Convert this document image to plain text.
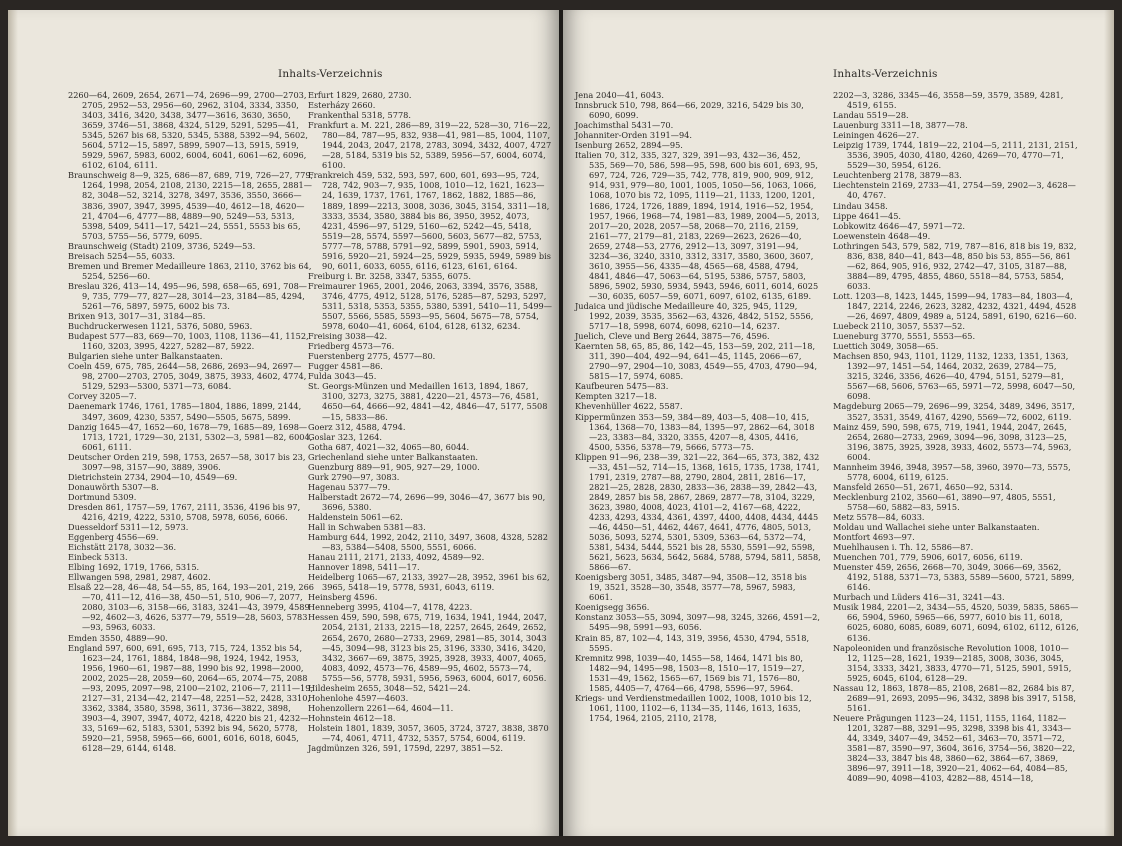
Inhalts-Verzeichnis

2260—64, 2609, 2654, 2671—74, 2696—99, 2700—2703, 2705, 2952—53, 2956—60, 2962, 3104, 3334, 3350, 3403, 3416, 3420, 3438, 3477—3616, 3630, 3650, 3659, 3746—51, 3868, 4324, 5129, 5291, 5295—41, 5345, 5267 bis 68, 5320, 5345, 5388, 5392—94, 5602, 5604, 5712—15, 5897, 5899, 5907—13, 5915, 5919, 5929, 5967, 5983, 6002, 6004, 6041, 6061—62, 6096, 6102, 6104, 6111.

Braunschweig 8—9, 325, 686—87, 689, 719, 726—27, 779, 1264, 1998, 2054, 2108, 2130, 2215—18, 2655, 2881—82, 3048—52, 3214, 3278, 3497, 3536, 3550, 3666—3836, 3907, 3947, 3995, 4539—40, 4612—18, 4620—21, 4704—6, 4777—88, 4889—90, 5249—53, 5313, 5398, 5409, 5411—17, 5421—24, 5551, 5553 bis 65, 5703, 5755—56, 5779, 6095.

Braunschweig (Stadt) 2109, 3736, 5249—53.

Breisach 5254—55, 6033.

Bremen und Bremer Medailleure 1863, 2110, 3762 bis 64, 5254, 5256—60.

Breslau 326, 413—14, 495—96, 598, 658—65, 691, 708—9, 735, 779—77, 827—28, 3014—23, 3184—85, 4294, 5261—76, 5897, 5975, 6002 bis 73.

Brixen 913, 3017—31, 3184—85.

Buchdruckerwesen 1121, 5376, 5080, 5963.

Budapest 577—83, 669—70, 1003, 1108, 1136—41, 1152, 1160, 3203, 3995, 4227, 5282—87, 5922.

Bulgarien siehe unter Balkanstaaten.

Coeln 459, 675, 785, 2644—58, 2686, 2693—94, 2697—98, 2700—2703, 2705, 3049, 3875, 3933, 4602, 4774, 5129, 5293—5300, 5371—73, 6084.

Corvey 3205—7.

Daenemark 1746, 1761, 1785—1804, 1886, 1899, 2144, 3497, 3609, 4230, 5357, 5490—5505, 5675, 5899.

Danzig 1645—47, 1652—60, 1678—79, 1685—89, 1698—1713, 1721, 1729—30, 2131, 5302—3, 5981—82, 6004, 6061, 6111.

Deutscher Orden 219, 598, 1753, 2657—58, 3017 bis 23, 3097—98, 3157—90, 3889, 3906.

Dietrichstein 2734, 2904—10, 4549—69.

Donauwörth 5307—8.

Dortmund 5309.

Dresden 861, 1757—59, 1767, 2111, 3536, 4196 bis 97, 4216, 4219, 4222, 5310, 5708, 5978, 6056, 6066.

Duesseldorf 5311—12, 5973.

Eggenberg 4556—69.

Eichstätt 2178, 3032—36.

Einbeck 5313.

Elbing 1692, 1719, 1766, 5315.

Ellwangen 598, 2981, 2987, 4602.

Elsaß 22—28, 46—48, 54—55, 85, 164, 193—201, 219, 266—70, 411—12, 416—38, 450—51, 510, 906—7, 2077, 2080, 3103—6, 3158—66, 3183, 3241—43, 3979, 4589—92, 4602—3, 4626, 5377—79, 5519—28, 5603, 5783—93, 5963, 6033.

Emden 3550, 4889—90.

England 597, 600, 691, 695, 713, 715, 724, 1352 bis 54, 1623—24, 1761, 1884, 1848—98, 1924, 1942, 1953, 1956, 1960—61, 1987—88, 1990 bis 92, 1998—2000, 2002, 2025—28, 2059—60, 2064—65, 2074—75, 2088—93, 2095, 2097—98, 2100—2102, 2106—7, 2111—19, 2127—31, 2134—42, 2147—48, 2251—52, 2428, 3310, 3362, 3384, 3580, 3598, 3611, 3736—3822, 3898, 3903—4, 3907, 3947, 4072, 4218, 4220 bis 21, 4232—33, 5169—62, 5183, 5301, 5392 bis 94, 5620, 5778, 5920—21, 5958, 5965—66, 6001, 6016, 6018, 6045, 6128—29, 6144, 6148.

Erfurt 1829, 2680, 2730.

Esterházy 2660.

Frankenthal 5318, 5778.

Frankfurt a. M. 221, 286—89, 319—22, 528—30, 716—22, 780—84, 787—95, 832, 938—41, 981—85, 1004, 1107, 1944, 2043, 2047, 2178, 2783, 3094, 3432, 4007, 4727—28, 5184, 5319 bis 52, 5389, 5956—57, 6004, 6074, 6100.

Frankreich 459, 532, 593, 597, 600, 601, 693—95, 724, 728, 742, 903—7, 935, 1008, 1010—12, 1621, 1623—24, 1639, 1737, 1761, 1767, 1862, 1882, 1885—86, 1889, 1899—2213, 3008, 3036, 3045, 3154, 3311—18, 3333, 3534, 3580, 3884 bis 86, 3950, 3952, 4073, 4231, 4596—97, 5129, 5160—62, 5242—45, 5418, 5519—28, 5574, 5597—5600, 5603, 5677—82, 5753, 5777—78, 5788, 5791—92, 5899, 5901, 5903, 5914, 5916, 5920—21, 5924—25, 5929, 5935, 5949, 5989 bis 90, 6011, 6033, 6055, 6116, 6123, 6161, 6164.

Freiburg i. Br. 3258, 3347, 5355, 6075.

Freimaurer 1965, 2001, 2046, 2063, 3394, 3576, 3588, 3746, 4775, 4912, 5128, 5176, 5285—87, 5293, 5297, 5311, 5318, 5353, 5355, 5380, 5391, 5410—11, 5499—5507, 5566, 5585, 5593—95, 5604, 5675—78, 5754, 5978, 6040—41, 6064, 6104, 6128, 6132, 6234.

Freising 3038—42.

Friedberg 4573—76.

Fuerstenberg 2775, 4577—80.

Fugger 4581—86.

Fulda 3043—45.

St. Georgs-Münzen und Medaillen 1613, 1894, 1867, 3100, 3273, 3275, 3881, 4220—21, 4573—76, 4581, 4650—64, 4666—92, 4841—42, 4846—47, 5177, 5508—15, 5833—86.

Goerz 312, 4588, 4794.

Goslar 323, 1264.

Gotha 687, 4021—32, 4065—80, 6044.

Griechenland siehe unter Balkanstaaten.

Guenzburg 889—91, 905, 927—29, 1000.

Gurk 2790—97, 3083.

Hagenau 5377—79.

Halberstadt 2672—74, 2696—99, 3046—47, 3677 bis 90, 3696, 5380.

Haldenstein 5061—62.

Hall in Schwaben 5381—83.

Hamburg 644, 1992, 2042, 2110, 3497, 3608, 4328, 5282—83, 5384—5408, 5500, 5551, 6066.

Hanau 2111, 2171, 2133, 4092, 4589—92.

Hannover 1898, 5411—17.

Heidelberg 1065—67, 2133, 3927—28, 3952, 3961 bis 62, 3965, 5418—19, 5778, 5931, 6043, 6119.

Heinsberg 4596.

Henneberg 3995, 4104—7, 4178, 4223.

Hessen 459, 590, 598, 675, 719, 1634, 1941, 1944, 2047, 2054, 2131, 2133, 2215—18, 2257, 2645, 2649, 2652, 2654, 2670, 2680—2733, 2969, 2981—85, 3014, 3043—45, 3094—98, 3123 bis 25, 3196, 3330, 3416, 3420, 3432, 3667—69, 3875, 3925, 3928, 3933, 4007, 4065, 4083, 4092, 4573—76, 4589—95, 4602, 5573—74, 5755—56, 5778, 5931, 5956, 5963, 6004, 6017, 6056.

Hildesheim 2655, 3048—52, 5421—24.

Hohenlohe 4597—4603.

Hohenzollern 2261—64, 4604—11.

Hohnstein 4612—18.

Holstein 1801, 1839, 3057, 3605, 3724, 3727, 3838, 3870—74, 4061, 4711, 4732, 5357, 5754, 6004, 6119.

Jagdmünzen 326, 591, 1759d, 2297, 3851—52.

Inhalts-Verzeichnis

Jena 2040—41, 6043.

Innsbruck 510, 798, 864—66, 2029, 3216, 5429 bis 30, 6090, 6099.

Joachimsthal 5431—70.

Johanniter-Orden 3191—94.

Isenburg 2652, 2894—95.

Italien 70, 312, 335, 327, 329, 391—93, 432—36, 452, 535, 569—70, 586, 598—95, 598, 600 bis 601, 693, 95, 697, 724, 726, 729—35, 742, 778, 819, 900, 909, 912, 914, 931, 979—80, 1001, 1005, 1050—56, 1063, 1066, 1068, 1070 bis 72, 1095, 1119—21, 1133, 1200, 1201, 1686, 1724, 1726, 1889, 1894, 1914, 1916—52, 1954, 1957, 1966, 1968—74, 1981—83, 1989, 2004—5, 2013, 2017—20, 2028, 2057—58, 2068—70, 2116, 2159, 2161—77, 2179—81, 2183, 2269—2623, 2626—40, 2659, 2748—53, 2776, 2912—13, 3097, 3191—94, 3234—36, 3240, 3310, 3312, 3317, 3580, 3600, 3607, 3610, 3955—56, 4335—48, 4565—68, 4588, 4794, 4841, 4846—47, 5063—64, 5195, 5386, 5757, 5803, 5896, 5902, 5930, 5934, 5943, 5946, 6011, 6014, 6025—30, 6035, 6057—59, 6071, 6097, 6102, 6135, 6189.

Judaica und jüdische Medailleure 40, 325, 945, 1129, 1992, 2039, 3535, 3562—63, 4326, 4842, 5152, 5556, 5717—18, 5998, 6074, 6098, 6210—14, 6237.

Juelich, Cleve und Berg 2644, 3875—76, 4596.

Kaernten 58, 65, 85, 86, 142—45, 153—59, 202, 211—18, 311, 390—404, 492—94, 641—45, 1145, 2066—67, 2790—97, 2904—10, 3083, 4549—55, 4703, 4790—94, 5815—17, 5974, 6085.

Kaufbeuren 5475—83.

Kempten 3217—18.

Khevenhüller 4622, 5587.

Kippermünzen 353—59, 384—89, 403—5, 408—10, 415, 1364, 1368—70, 1383—84, 1395—97, 2862—64, 3018—23, 3383—84, 3320, 3355, 4207—8, 4305, 4416, 4500, 5356, 5378—79, 5666, 5773—75.

Klippen 91—96, 238—39, 321—22, 364—65, 373, 382, 432—33, 451—52, 714—15, 1368, 1615, 1735, 1738, 1741, 1791, 2319, 2787—88, 2790, 2804, 2811, 2816—17, 2821—25, 2828, 2830, 2833—36, 2838—39, 2842—43, 2849, 2857 bis 58, 2867, 2869, 2877—78, 3104, 3229, 3623, 3980, 4008, 4023, 4101—2, 4167—68, 4222, 4233, 4293, 4334, 4361, 4397, 4400, 4408, 4434, 4445—46, 4450—51, 4462, 4467, 4641, 4776, 4805, 5013, 5036, 5093, 5274, 5301, 5309, 5363—64, 5372—74, 5381, 5434, 5444, 5521 bis 28, 5530, 5591—92, 5598, 5621, 5623, 5634, 5642, 5684, 5788, 5794, 5811, 5858, 5866—67.

Koenigsberg 3051, 3485, 3487—94, 3508—12, 3518 bis 19, 3521, 3528—30, 3548, 3577—78, 5967, 5983, 6061.

Koenigsegg 3656.

Konstanz 3053—55, 3094, 3097—98, 3245, 3266, 4591—2, 5495—98, 5991—93, 6056.

Krain 85, 87, 102—4, 143, 319, 3956, 4530, 4794, 5518, 5595.

Kremnitz 998, 1039—40, 1455—58, 1464, 1471 bis 80, 1482—94, 1495—98, 1503—8, 1510—17, 1519—27, 1531—49, 1562, 1565—67, 1569 bis 71, 1576—80, 1585, 4405—7, 4764—66, 4798, 5596—97, 5964.

Kriegs- und Verdienstmedaillen 1002, 1008, 1010 bis 12, 1061, 1100, 1102—6, 1134—35, 1146, 1613, 1635, 1754, 1964, 2105, 2110, 2178,

2202—3, 3286, 3345—46, 3558—59, 3579, 3589, 4281, 4519, 6155.

Landau 5519—28.

Lauenburg 3311—18, 3877—78.

Leiningen 4626—27.

Leipzig 1739, 1744, 1819—22, 2104—5, 2111, 2131, 2151, 3536, 3905, 4030, 4180, 4260, 4269—70, 4770—71, 5529—30, 5954, 6126.

Leuchtenberg 2178, 3879—83.

Liechtenstein 2169, 2733—41, 2754—59, 2902—3, 4628—40, 4767.

Lindau 3458.

Lippe 4641—45.

Lobkowitz 4646—47, 5971—72.

Loewenstein 4648—49.

Lothringen 543, 579, 582, 719, 787—816, 818 bis 19, 832, 836, 838, 840—41, 843—48, 850 bis 53, 855—56, 861—62, 864, 905, 916, 932, 2742—47, 3105, 3187—88, 3884—89, 4795, 4855, 4860, 5518—84, 5753, 5854, 6033.

Lott. 1203—8, 1423, 1445, 1599—94, 1783—84, 1803—4, 1847, 2214, 2246, 2623, 3282, 4232, 4321, 4494, 4528—26, 4697, 4809, 4989 a, 5124, 5891, 6190, 6216—60.

Luebeck 2110, 3057, 5537—52.

Lueneburg 3770, 5551, 5553—65.

Luettich 3049, 3058—65.

Machsen 850, 943, 1101, 1129, 1132, 1233, 1351, 1363, 1392—97, 1451—54, 1464, 2032, 2639, 2784—75, 3215, 3246, 3356, 4626—40, 4794, 5151, 5279—81, 5567—68, 5606, 5763—65, 5971—72, 5998, 6047—50, 6098.

Magdeburg 2065—79, 2696—99, 3254, 3489, 3496, 3517, 3527, 3531, 3549, 4167, 4290, 5569—72, 6002, 6119.

Mainz 459, 590, 598, 675, 719, 1941, 1944, 2047, 2645, 2654, 2680—2733, 2969, 3094—96, 3098, 3123—25, 3196, 3875, 3925, 3928, 3933, 4602, 5573—74, 5963, 6004.

Mannheim 3946, 3948, 3957—58, 3960, 3970—73, 5575, 5778, 6004, 6119, 6125.

Mansfeld 2650—51, 2671, 4650—92, 5314.

Mecklenburg 2102, 3560—61, 3890—97, 4805, 5551, 5758—60, 5882—83, 5915.

Metz 5578—84, 6033.

Moldau und Wallachei siehe unter Balkanstaaten.

Montfort 4693—97.

Muehlhausen i. Th. 12, 5586—87.

Muenchen 701, 779, 5906, 6017, 6056, 6119.

Muenster 459, 2656, 2668—70, 3049, 3066—69, 3562, 4192, 5188, 5371—73, 5383, 5589—5600, 5721, 5899, 6146.

Murbach und Lüders 416—31, 3241—43.

Musik 1984, 2201—2, 3434—55, 4520, 5039, 5835, 5865—66, 5904, 5960, 5965—66, 5977, 6010 bis 11, 6018, 6025, 6080, 6085, 6089, 6071, 6094, 6102, 6112, 6126, 6136.

Napoleoniden und französische Revolution 1008, 1010—12, 1125—28, 1621, 1939—2185, 3008, 3036, 3045, 3154, 3333, 3421, 3833, 4770—71, 5125, 5901, 5915, 5925, 6045, 6104, 6128—29.

Nassau 12, 1863, 1878—85, 2108, 2681—82, 2684 bis 87, 2689—91, 2693, 2095—96, 3432, 3898 bis 3917, 5158, 5161.

Neuere Prägungen 1123—24, 1151, 1155, 1164, 1182—1201, 3287—88, 3291—95, 3298, 3398 bis 41, 3343—44, 3349, 3407—49, 3452—61, 3463—70, 3571—72, 3581—87, 3590—97, 3604, 3616, 3754—56, 3820—22, 3824—33, 3847 bis 48, 3860—62, 3864—67, 3869, 3896—97, 3911—18, 3920—21, 4062—64, 4084—85, 4089—90, 4098—4103, 4282—88, 4514—18,
